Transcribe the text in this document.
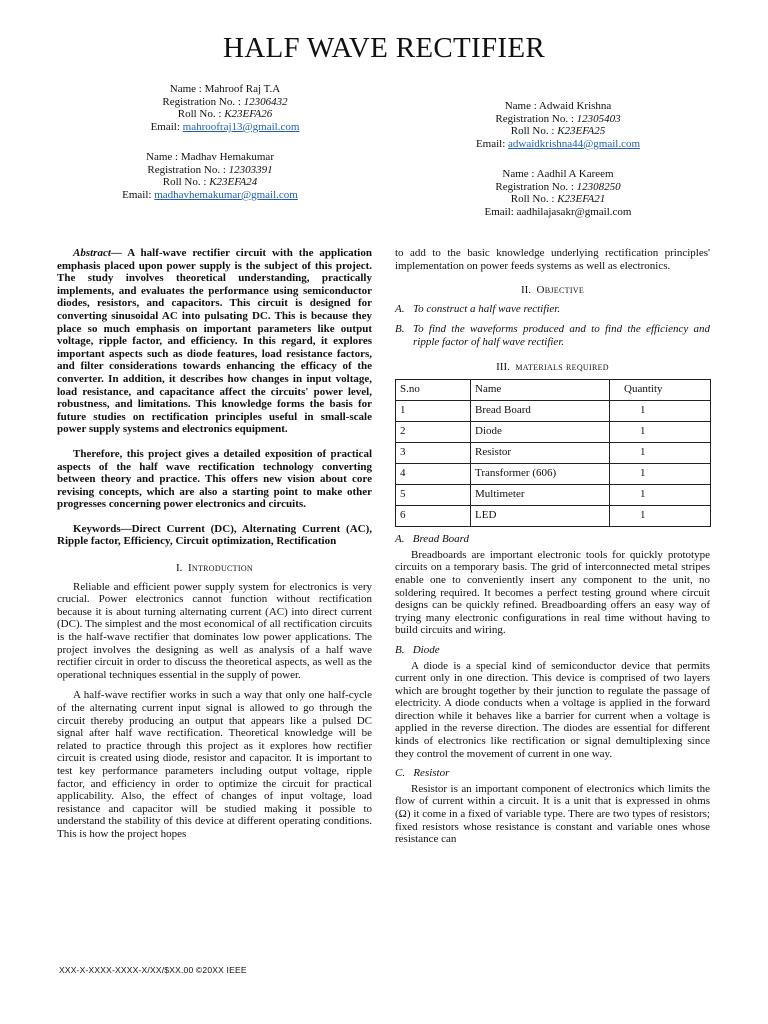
HALF WAVE RECTIFIER
Name : Mahroof Raj T.A
Registration No. : 12306432
Roll No. : K23EFA26
Email: mahroofraj13@gmail.com
Name : Madhav Hemakumar
Registration No. : 12303391
Roll No. : K23EFA24
Email: madhavhemakumar@gmail.com
Name : Adwaid Krishna
Registration No. : 12305403
Roll No. : K23EFA25
Email: adwaidkrishna44@gmail.com
Name : Aadhil A Kareem
Registration No. : 12308250
Roll No. : K23EFA21
Email: aadhilajasakr@gmail.com

Abstract— A half-wave rectifier circuit with the application emphasis placed upon power supply is the subject of this project. The study involves theoretical understanding, practically implements, and evaluates the performance using semiconductor diodes, resistors, and capacitors. This circuit is designed for converting sinusoidal AC into pulsating DC. This is because they place so much emphasis on important parameters like output voltage, ripple factor, and efficiency. In this regard, it explores important aspects such as diode features, load resistance factors, and filter considerations towards enhancing the efficacy of the converter. In addition, it describes how changes in input voltage, load resistance, and capacitance affect the circuits' power level, robustness, and limitations. This knowledge forms the basis for future studies on rectification principles useful in small-scale power supply systems and electronics equipment.

Therefore, this project gives a detailed exposition of practical aspects of the half wave rectification technology converting between theory and practice. This offers new vision about core revising concepts, which are also a starting point to make other progresses concerning power electronics and circuits.

Keywords—Direct Current (DC), Alternating Current (AC), Ripple factor, Efficiency, Circuit optimization, Rectification

I. Introduction

Reliable and efficient power supply system for electronics is very crucial. Power electronics cannot function without rectification because it is about turning alternating current (AC) into direct current (DC). The simplest and the most economical of all rectification circuits is the half-wave rectifier that dominates low power applications. The project involves the designing as well as analysis of a half wave rectifier circuit in order to discuss the theoretical aspects, as well as the operational techniques essential in the supply of power.

A half-wave rectifier works in such a way that only one half-cycle of the alternating current input signal is allowed to go through the circuit thereby producing an output that appears like a pulsed DC signal after half wave rectification. Theoretical knowledge will be related to practice through this project as it explores how rectifier circuit is created using diode, resistor and capacitor. It is important to test key performance parameters including output voltage, ripple factor, and efficiency in order to optimize the circuit for practical applicability. Also, the effect of changes of input voltage, load resistance and capacitor will be studied making it possible to understand the stability of this device at different operating conditions. This is how the project hopes

to add to the basic knowledge underlying rectification principles' implementation on power feeds systems as well as electronics.

II. Objective
A. To construct a half wave rectifier.
B. To find the waveforms produced and to find the efficiency and ripple factor of half wave rectifier.
III. materials required
S.no	Name	Quantity
1	Bread Board	1
2	Diode	1
3	Resistor	1
4	Transformer (606)	1
5	Multimeter	1
6	LED	1

A.   Bread Board

Breadboards are important electronic tools for quickly prototype circuits on a temporary basis. The grid of interconnected metal stripes enable one to conveniently insert any component to the unit, no soldering required. It becomes a perfect testing ground where circuit designs can be quickly refined. Breadboarding offers an easy way of trying many electronic configurations in real time without having to build circuits and wiring.

B.   Diode

A diode is a special kind of semiconductor device that permits current only in one direction. This device is comprised of two layers which are brought together by their junction to regulate the passage of electricity. A diode conducts when a voltage is applied in the forward direction while it behaves like a barrier for current when a voltage is applied in the reverse direction. The diodes are essential for different kinds of electronics like rectification or signal demultiplexing since they control the movement of current in one way.

C.   Resistor

Resistor is an important component of electronics which limits the flow of current within a circuit. It is a unit that is expressed in ohms (Ω) it come in a fixed of variable type. There are two types of resistors; fixed resistors whose resistance is constant and variable ones whose resistance can

XXX-X-XXXX-XXXX-X/XX/$XX.00 ©20XX IEEE
